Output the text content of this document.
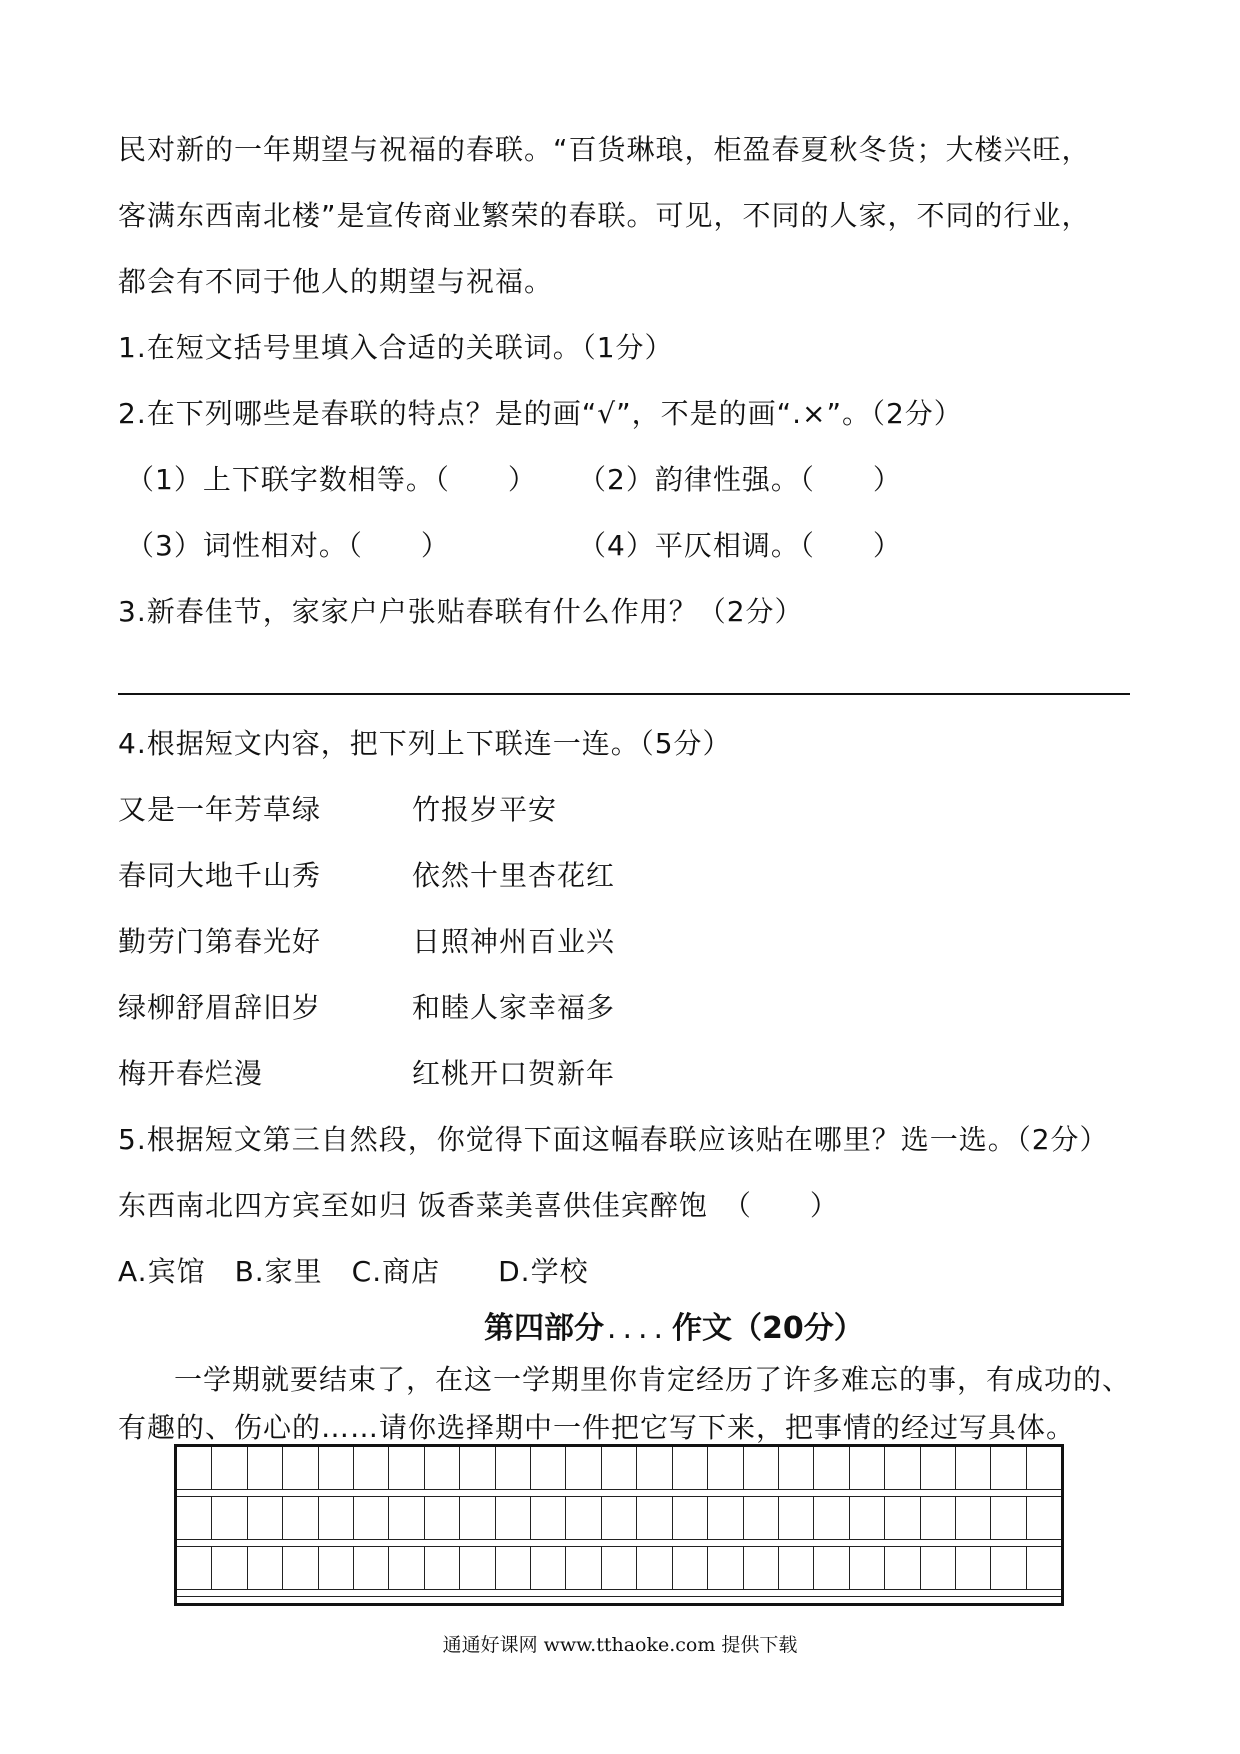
民对新的一年期望与祝福的春联。“百货琳琅，柜盈春夏秋冬货；大楼兴旺，
客满东西南北楼”是宣传商业繁荣的春联。可见，不同的人家，不同的行业，
都会有不同于他人的期望与祝福。
1.在短文括号里填入合适的关联词。（1分）
2.在下列哪些是春联的特点？是的画“√”，不是的画“.×”。（2分）
（1）上下联字数相等。（　　） （2）韵律性强。（　　）
（3）词性相对。（　　）	（4）平仄相调。（　　）
3.新春佳节，家家户户张贴春联有什么作用？（2分）
4.根据短文内容，把下列上下联连一连。（5分）
又是一年芳草绿	竹报岁平安
春同大地千山秀	依然十里杏花红
勤劳门第春光好	日照神州百业兴
绿柳舒眉辞旧岁	和睦人家幸福多
梅开春烂漫	红桃开口贺新年
5.根据短文第三自然段，你觉得下面这幅春联应该贴在哪里？选一选。（2分）
东西南北四方宾至如归 饭香菜美喜供佳宾醉饱　（　　）
A.宾馆　B.家里　C.商店　　D.学校
第四部分....作文（20分）
一学期就要结束了，在这一学期里你肯定经历了许多难忘的事，有成功的、
有趣的、伤心的……请你选择期中一件把它写下来，把事情的经过写具体。
通通好课网 www.tthaoke.com 提供下载
